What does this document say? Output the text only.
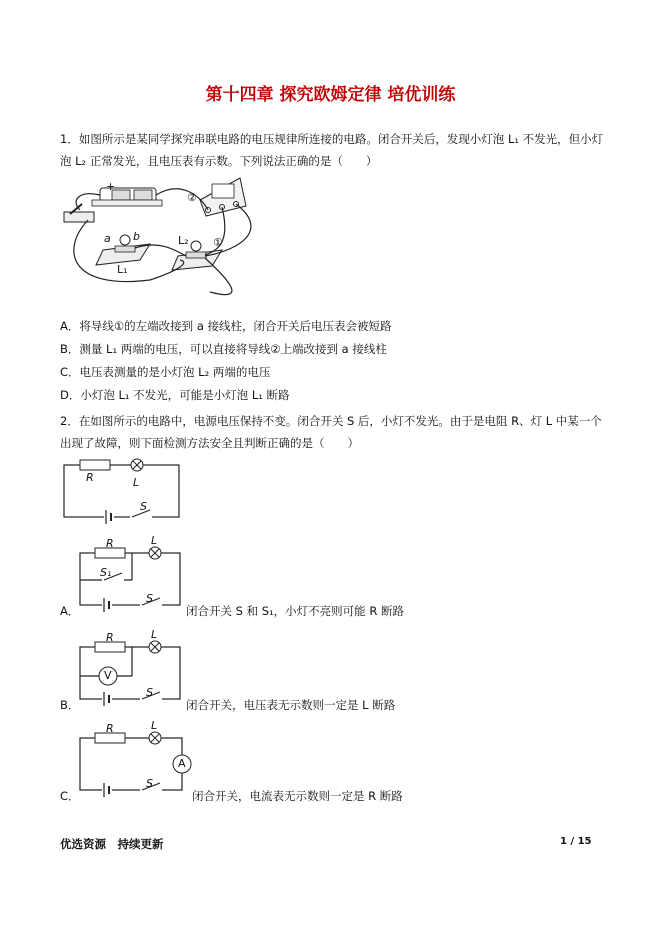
第十四章 探究欧姆定律 培优训练
1．如图所示是某同学探究串联电路的电压规律所连接的电路。闭合开关后，发现小灯泡 L₁ 不发光，但小灯泡 L₂ 正常发光，且电压表有示数。下列说法正确的是（　　）
+
②
a b	L₂ ①
L₁
A．将导线①的左端改接到 a 接线柱，闭合开关后电压表会被短路
B．测量 L₁ 两端的电压，可以直接将导线②上端改接到 a 接线柱
C．电压表测量的是小灯泡 L₂ 两端的电压
D．小灯泡 L₁ 不发光，可能是小灯泡 L₁ 断路
2．在如图所示的电路中，电源电压保持不变。闭合开关 S 后，小灯不发光。由于是电阻 R、灯 L 中某一个出现了故障，则下面检测方法安全且判断正确的是（　　）
R	L
S
R	L
S₁
S
A．	闭合开关 S 和 S₁，小灯不亮则可能 R 断路
R	L
V
S
B．	闭合开关，电压表无示数则一定是 L 断路
R	L
A
S
C．	闭合开关，电流表无示数则一定是 R 断路
优选资源　持续更新	1 / 15
